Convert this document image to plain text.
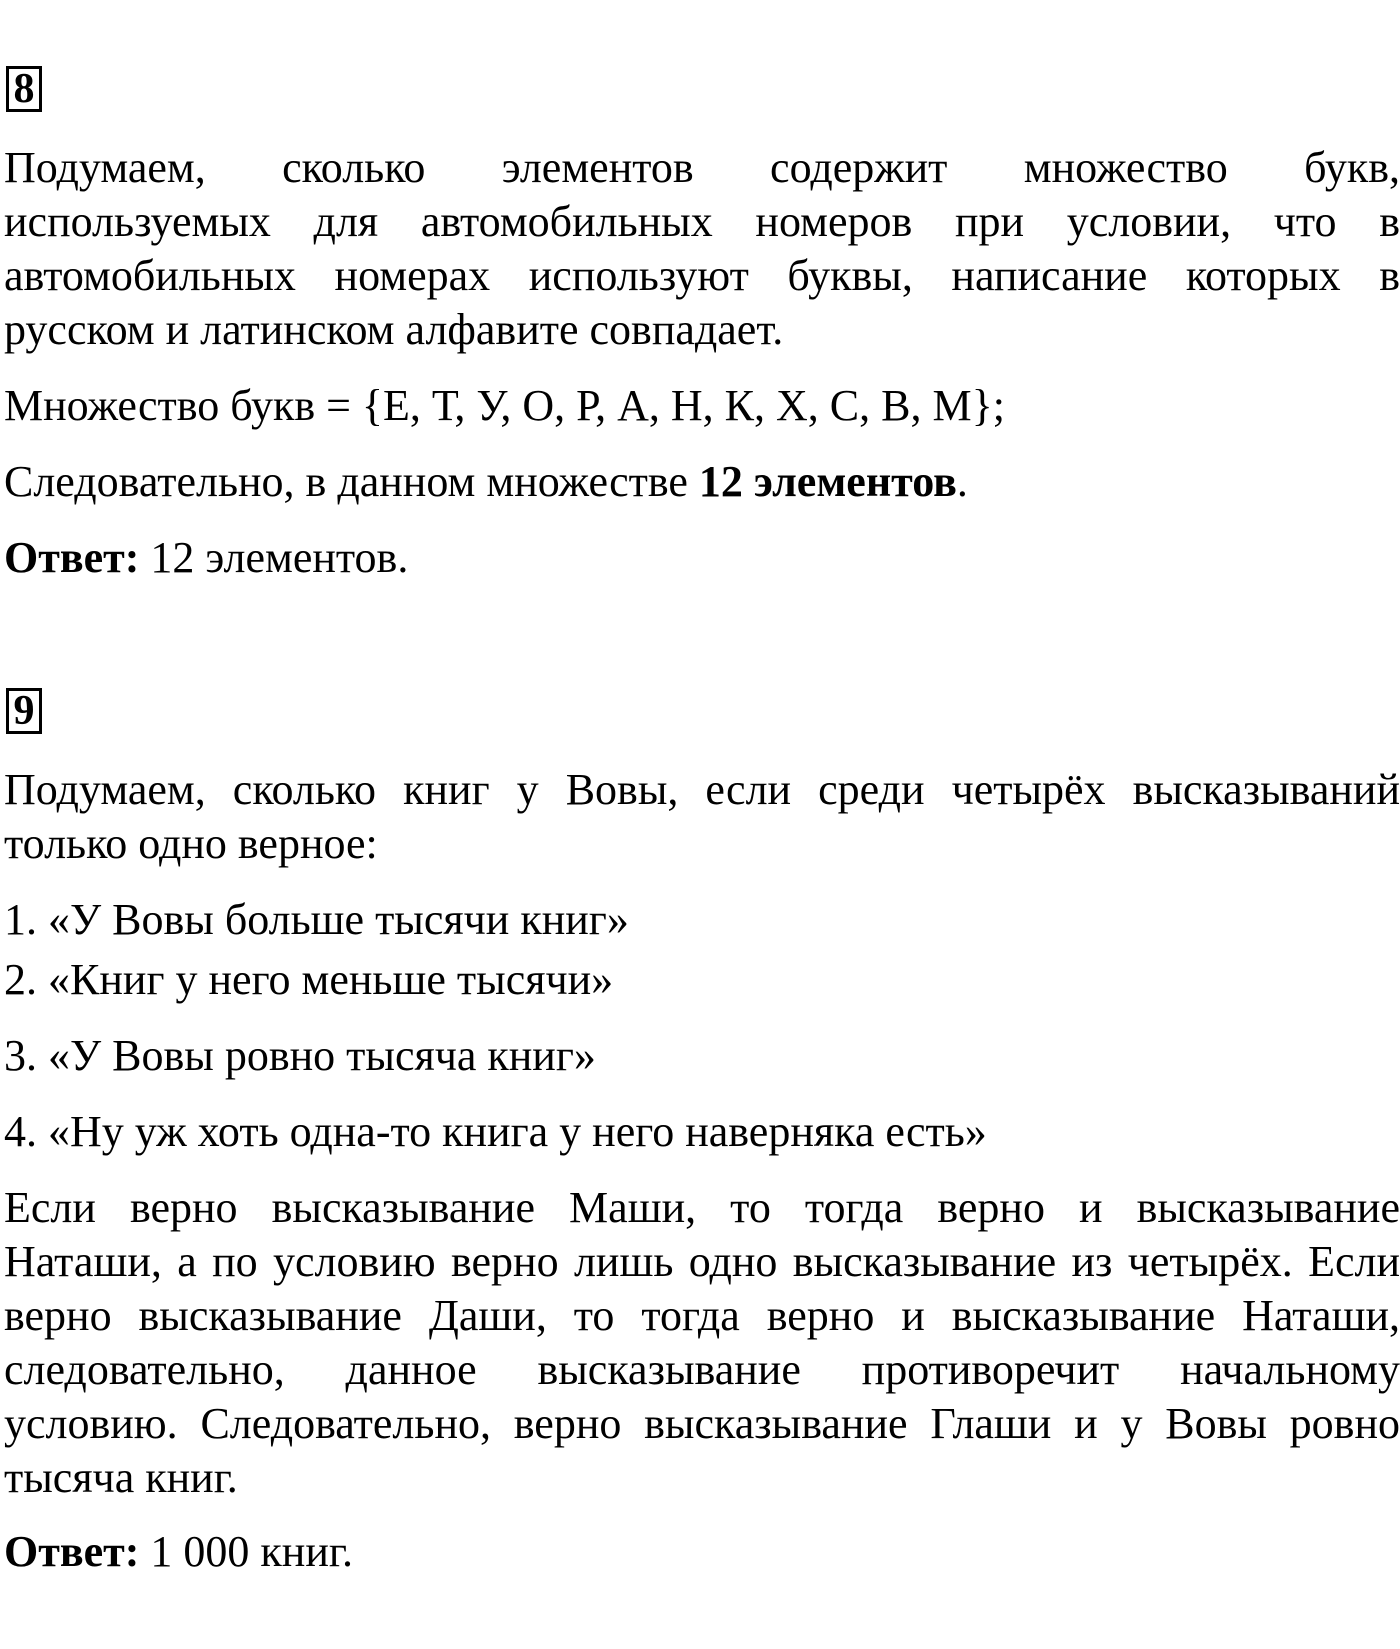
8

Подумаем, сколько элементов содержит множество букв,

используемых для автомобильных номеров при условии, что в

автомобильных номерах используют буквы, написание которых в

русском и латинском алфавите совпадает.

Множество букв = {Е, Т, У, О, Р, А, Н, К, Х, С, В, М};

Следовательно, в данном множестве 12 элементов.

Ответ: 12 элементов.

9

Подумаем, сколько книг у Вовы, если среди четырёх высказываний

только одно верное:

1. «У Вовы больше тысячи книг»

2. «Книг у него меньше тысячи»

3. «У Вовы ровно тысяча книг»

4. «Ну уж хоть одна-то книга у него наверняка есть»

Если верно высказывание Маши, то тогда верно и высказывание

Наташи, а по условию верно лишь одно высказывание из четырёх. Если

верно высказывание Даши, то тогда верно и высказывание Наташи,

следовательно, данное высказывание противоречит начальному

условию. Следовательно, верно высказывание Глаши и у Вовы ровно

тысяча книг.

Ответ: 1 000 книг.
